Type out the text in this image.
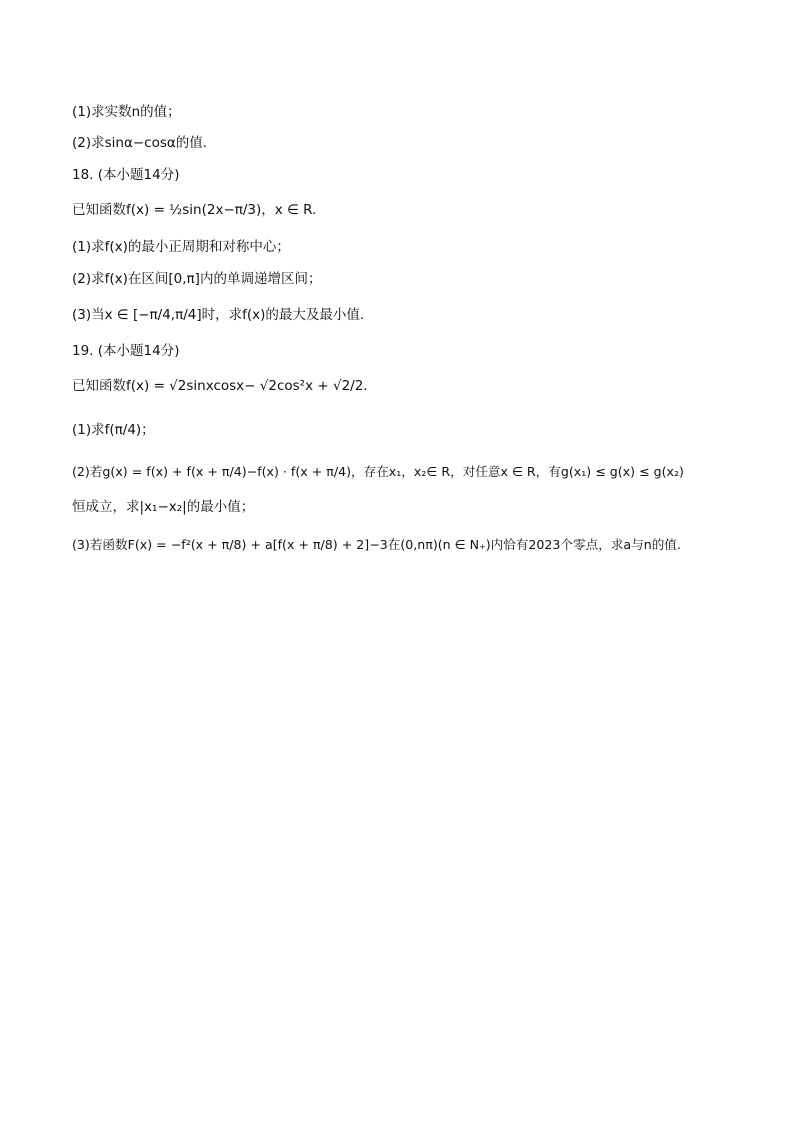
(1)求实数n的值；
(2)求sinα−cosα的值.
18. (本小题14分)
已知函数f(x) = ½sin(2x−π/3)，x ∈ R.
(1)求f(x)的最小正周期和对称中心；
(2)求f(x)在区间[0,π]内的单调递增区间；
(3)当x ∈ [−π/4,π/4]时，求f(x)的最大及最小值.
19. (本小题14分)
已知函数f(x) = √2sinxcosx− √2cos²x + √2/2.
(1)求f(π/4)；
(2)若g(x) = f(x) + f(x + π/4)−f(x) · f(x + π/4)，存在x₁，x₂∈ R，对任意x ∈ R，有g(x₁) ≤ g(x) ≤ g(x₂)
恒成立，求|x₁−x₂|的最小值；
(3)若函数F(x) = −f²(x + π/8) + a[f(x + π/8) + 2]−3在(0,nπ)(n ∈ N₊)内恰有2023个零点，求a与n的值.
